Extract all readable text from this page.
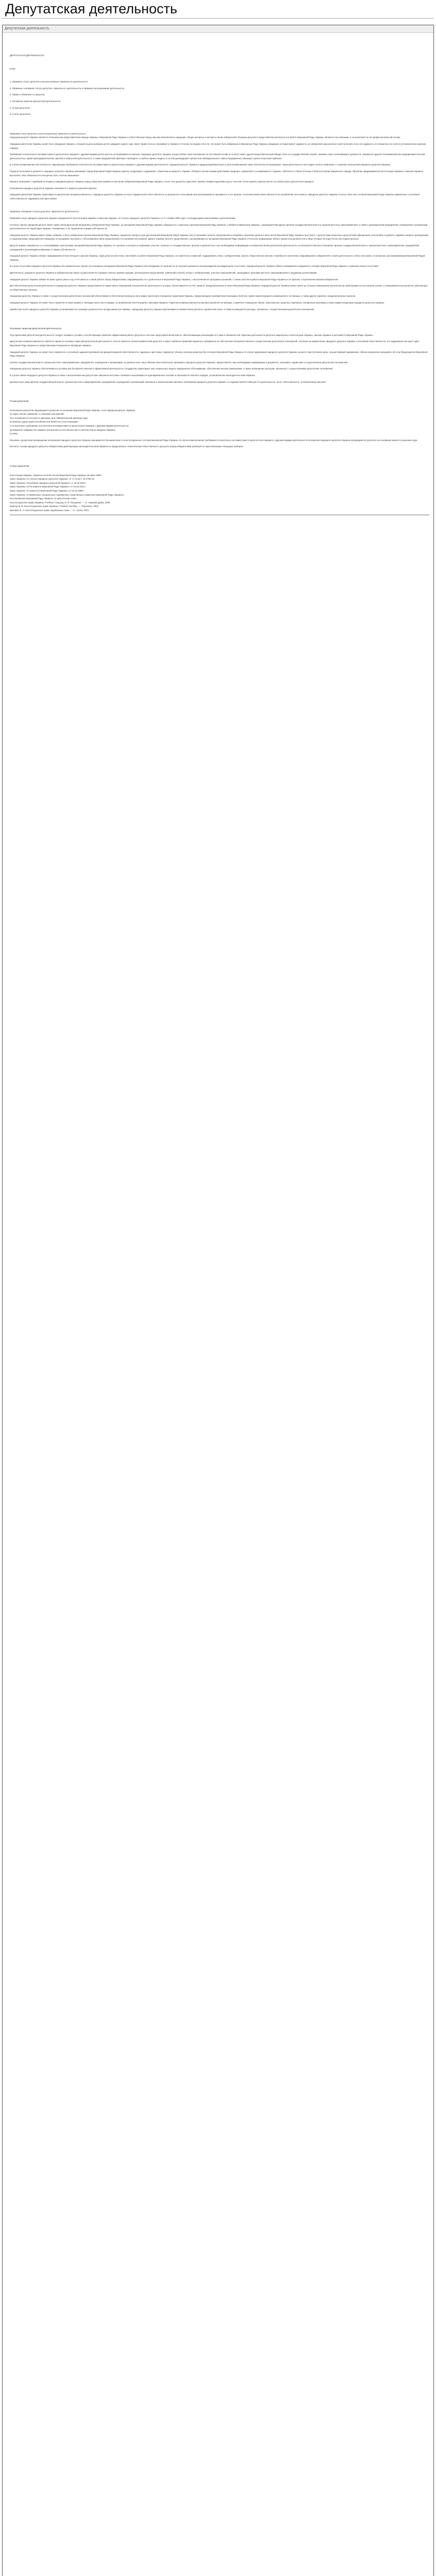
Депутатская деятельность
Депутатская деятельность

ДЕПУТАТСКАЯ ДЕЯТЕЛЬНОСТЬ

План:

1. Правовое статус депутата и консультативные гарантии его деятельности

2. Правовые основания статуса депутата, гарантии его деятельности и правовое регулирование деятельности

3. Право в обязанное по депутата.

4. Основные гарантии депутатской деятельности.

5. Отзыв депутатов.

6. Статус депутатов.

Правовой статус депутата и конституционные гарантии его деятельности.

Народный депутат Украины является полномочным представителем народа Украины в Верховной Раде Украины и ответственным перед ним при выполнении и защищает общие интересы и интересы своих избирателей. Функции депутата в представительной власти и в работе Верховной Рады Украины являются постоянными, и он выполняет их на профессиональной основе.

Народным депутатом Украины может быть гражданин Украины, который на день выборов достиг двадцати одного года, имеет право голоса и проживает в Украине в течение последних пяти лет. Не может быть избранным в Верховную Раду Украины гражданин, который имеет судимость за совершение умышленного преступления, если эта судимость не погашена и не снята в установленном законом порядке.

Требования относительно несовместимости депутатского мандата с другими видами деятельности устанавливаются законом. Народные депутаты Украины осуществляют свои полномочия на постоянной основе и не могут иметь другой представительный мандат, быть на государственной службе, занимать иные оплачиваемые должности, заниматься другой оплачиваемой или предпринимательской деятельностью, кроме преподавательской, научной и творческой деятельности, а также медицинской практики в свободное от работы время, входить в состав руководящего органа или наблюдательного совета предприятия, имеющего целью получение прибыли.

В случае возникновения обстоятельств, нарушающих требования относительно несовместимости депутатского мандата с другими видами деятельности, народный депутат Украины в двадцатидневный срок со дня возникновения таких обстоятельств прекращает такую деятельность или подает личное заявление о сложении полномочий народного депутата Украины.

Перед вступлением в должность народные депутаты Украины принимают перед Верховной Радой Украины присягу следующего содержания: «Присягаю на верность Украине. Обязуюсь всеми своими действиями защищать суверенитет и независимость Украины, заботиться о благе Отчизны и благосостоянии Украинского народа. Присягаю придерживаться Конституции Украины и законов Украины, выполнять свои обязанности в интересах всех соотечественников».

Присягу зачитывает старейший по возрасту народный депутат Украины перед открытием первой сессии вновь избранной Верховной Рады Украины, после чего депутаты скрепляют присягу своими подписями под ее текстом. Отказ принять присягу влечет за собой утрату депутатского мандата.

Полномочия народных депутатов Украины начинаются с момента принятия присяги.

Народным депутатам Украины гарантируется депутатская неприкосновенность. Народные депутаты Украины не несут юридической ответственности за результаты голосования или высказывания в парламенте и его органах, за исключением ответственности за оскорбление или клевету. Народные депутаты Украины не могут быть без согласия Верховной Рады Украины привлечены к уголовной ответственности, задержаны или арестованы.

Правовые основания статуса депутата, гарантии его деятельности.

Правовой статус народного депутата Украины определяется Конституцией Украины и Законом Украины «О статусе народного депутата Украины» от 17 ноября 1992 года с последующими изменениями и дополнениями.

Согласно закону народный депутат имеет право законодательной инициативы в Верховной Раде Украины; на заседаниях Верховной Рады Украины обращаться с запросом к органам Верховной Рады Украины, к Кабинету Министров Украины, к руководителям других органов государственной власти и органов местного самоуправления, а также к руководителям предприятий, учреждений и организаций, расположенных на территории Украины, независимо от их подчинения и форм собственности.

Народный депутат Украины имеет право: избирать и быть избранным в органы Верховной Рады Украины; предлагать вопросы для рассмотрения Верховной Радой Украины или ее органами; вносить предложения и поправки к проектам законов и иных актов Верховной Рады Украины; выступать с депутатским запросом и депутатским обращением; участвовать в дебатах, задавать вопросы докладчикам и содокладчикам, председательствующему на заседании; выступать с обоснованием своих предложений и по мотивам голосования, давать справки; вносить предложения о заслушивании на заседании Верховной Рады Украины отчета или информации любого органа или должностного лица, которые ей подотчетны или подконтрольны.

Депутат вправе знакомиться со стенограммами, протоколами заседаний Верховной Рады Украины, ее органов, в которых он принимает участие; получать от государственных органов и должностных лиц необходимую информацию по вопросам своей депутатской деятельности; на беспрепятственное посещение органов государственной власти, органов местного самоуправления, предприятий, учреждений и организаций независимо от форм собственности.

Народный депутат Украины обязан: придерживаться Конституции и законов Украины, норм депутатской этики; участвовать в работе Верховной Рады Украины, ее комитетов и комиссий; поддерживать связь с избирателями, изучать общественное мнение, потребности населения, информировать избирателей о своей деятельности; лично голосовать по вопросам, рассматриваемым Верховной Радой Украины.

В случае отсутствия народного депутата Украины без уважительных причин на пленарных заседаниях Верховной Рады Украины или заседаниях ее органов он не получает денежного вознаграждения за каждый день отсутствия. Народный депутат Украины обязан своевременно уведомлять Аппарат Верховной Рады Украины о причинах своего отсутствия.

Деятельность народного депутата Украины в избирательном округе осуществляется в формах личного приема граждан, рассмотрения предложений, заявлений и жалоб, встреч с избирателями, участия в мероприятиях, проводимых органами местного самоуправления и трудовыми коллективами.

Народный депутат Украины обязан не реже одного раза в год отчитываться о своей работе перед избирателями, информировать их о деятельности Верховной Рады Украины, о выполнении ее программ и решений, о своем участии в работе Верховной Рады Украины и ее органов, о выполнении наказов избирателей.

Для обеспечения депутатской деятельности народному депутату Украины предоставляется право иметь помощников-консультантов, деятельность которых обеспечивается за счет средств, предусмотренных в смете Верховной Рады Украины. Народный депутат Украины может иметь до четырех помощников-консультантов, работающих на постоянной основе, и помощников-консультантов, работающих на общественных началах.

Народному депутату Украины в связи с осуществлением депутатских полномочий обеспечивается бесплатный проезд на всех видах транспорта в пределах территории Украины, первоочередное приобретение проездных билетов, право первоочередного размещения в гостиницах, а также другие гарантии, предусмотренные законом.

Народный депутат Украины не может быть ограничен в своих правах и свободах иначе как в порядке, установленном Конституцией и законами Украины. Гарантии неприкосновенности распространяются на жилище, служебное помещение, багаж, транспортные средства, переписку, телефонные разговоры и иную корреспонденцию народного депутата Украины.

Заработная плата народного депутата Украины устанавливается в размере должностного оклада министра Украины. Народному депутату Украины выплачивается ежемесячная доплата к заработной плате, а также возмещаются расходы, связанные с осуществлением депутатских полномочий.

Основные гарантии депутатской деятельности.

Под гарантиями депутатской деятельности следует понимать условия, способствующие наиболее эффективной работе депутата в системе представительной власти, обеспечивающие реализацию его прав и обязанностей. Гарантии деятельности депутата закреплены в Конституции Украины, законах Украины и регламенте Верховной Рады Украины.

Депутатская неприкосновенность является одной из основных гарантий депутатской деятельности. Она не является личной привилегией депутата, а имеет публично-правовой характер и направлена на обеспечение беспрепятственного осуществления депутатских полномочий. Согласие на привлечение народного депутата Украины к уголовной ответственности, его задержание или арест дает Верховная Рада Украины по представлению Генерального прокурора Украины.

Народный депутат Украины не может быть привлечен к уголовной, административной или дисциплинарной ответственности, задержан, арестован, подвергнут обыску, личному досмотру без согласия Верховной Рады Украины. В случае задержания народного депутата Украины на месте преступления орган, осуществивший задержание, обязан немедленно уведомить об этом Председателя Верховной Рады Украины.

Органы государственной власти, органы местного самоуправления, предприятия, учреждения и организации, их должностные лица обязаны безотлагательно принимать народного депутата Украины, предоставлять ему необходимую информацию и документы, оказывать содействие в осуществлении депутатских полномочий.

Народному депутату Украины обеспечиваются условия для беспрепятственной и эффективной деятельности. Государство гарантирует ему социальную защиту, медицинское обслуживание, обеспечение жилым помещением, а также возмещение расходов, связанных с осуществлением депутатских полномочий.

В случае гибели народного депутата Украины в связи с выполнением им депутатских обязанностей семье погибшего выплачивается единовременное пособие и назначается пенсия в порядке, установленном законодательством Украины.

Должностные лица органов государственной власти, органов местного самоуправления, предприятий, учреждений и организаций, виновные в невыполнении законных требований народного депутата Украины, в создании препятствий для его деятельности, несут ответственность, установленную законом.

Отзыв депутатов

Полномочия депутатов прекращаются досрочно по решению Верховной Рады Украины, если народный депутат Украины:

а) подал личное заявление о сложении полномочий;

б) в отношении его вступил в законную силу обвинительный приговор суда;

в) признан судом недееспособным или безвестно отсутствующим;

г) не выполнил требования относительно несовместимости депутатского мандата с другими видами деятельности;

д) прекратил гражданство Украины или выехал на постоянное место жительства за пределы Украины;

е) умер.

Решение о досрочном прекращении полномочий народного депутата Украины принимается большинством от конституционного состава Верховной Рады Украины. В случае невыполнения требования относительно несовместимости депутатского мандата с другими видами деятельности полномочия народного депутата Украины прекращаются досрочно на основании закона по решению суда.

Институт отзыва народного депутата избирателями действующим законодательством Украины не предусмотрен. Политическая ответственность депутата перед избирателями реализуется через механизм очередных выборов.

Статус депутатов

Конституция Украины: принята на пятой сессии Верховной Рады Украины 28 июня 1996 г.

Закон Украины «О статусе народного депутата Украины» от 17.11.92 г. № 2790-XII.

Закон Украины «О выборах народных депутатов Украины» от 18.10.2001 г.

Закон Украины «О Регламенте Верховной Рады Украины» от 10.02.2010 г.

Закон Украины «О комитетах Верховной Рады Украины» от 04.04.1995 г.

Закон Украины «О временных специальных и временных следственных комиссиях Верховной Рады Украины».

Постановление Верховной Рады Украины «О депутатской этике».

Конституционное право Украины: Учебник / Под ред. В. Ф. Погорилко. — К.: Наукова думка, 2000.

Кравчук М. В. Конституционное право Украины: Учебное пособие. — Тернополь, 2002.

Шаповал В. Н. Конституционное право зарубежных стран. — К.: АртЕк, 2001.
